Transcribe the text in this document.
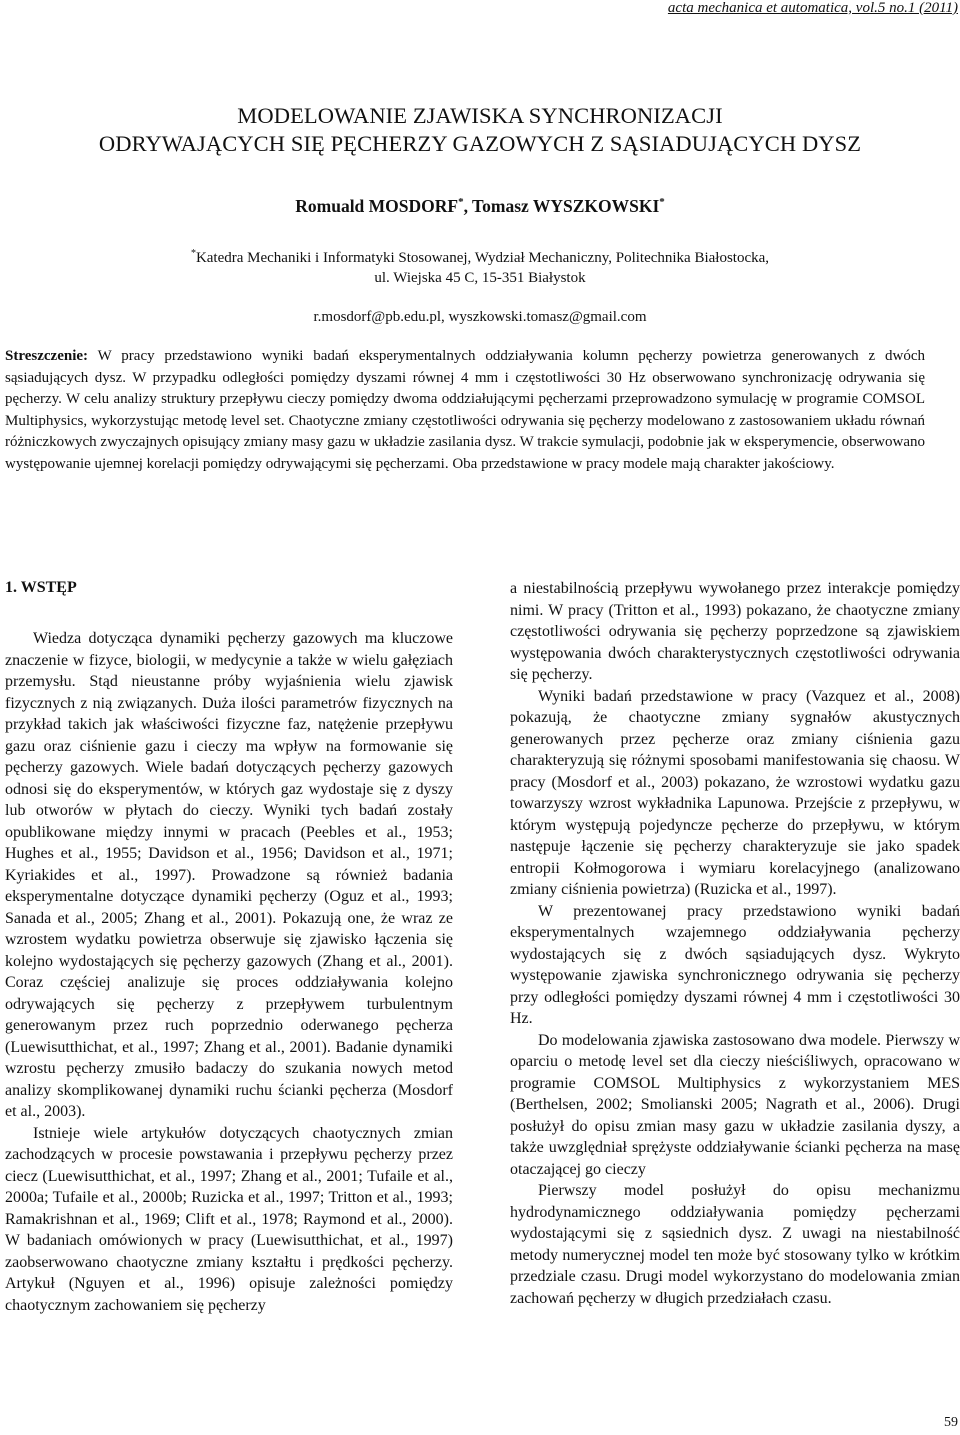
acta mechanica et automatica, vol.5 no.1 (2011)
MODELOWANIE ZJAWISKA SYNCHRONIZACJI
ODRYWAJĄCYCH SIĘ PĘCHERZY GAZOWYCH Z SĄSIADUJĄCYCH DYSZ
Romuald MOSDORF*, Tomasz WYSZKOWSKI*
*Katedra Mechaniki i Informatyki Stosowanej, Wydział Mechaniczny, Politechnika Białostocka,
ul. Wiejska 45 C, 15-351 Białystok
r.mosdorf@pb.edu.pl, wyszkowski.tomasz@gmail.com
Streszczenie: W pracy przedstawiono wyniki badań eksperymentalnych oddziaływania kolumn pęcherzy powietrza generowanych z dwóch sąsiadujących dysz. W przypadku odległości pomiędzy dyszami równej 4 mm i częstotliwości 30 Hz obserwowano synchronizację odrywania się pęcherzy. W celu analizy struktury przepływu cieczy pomiędzy dwoma oddziałującymi pęcherzami przeprowadzono symulację w programie COMSOL Multiphysics, wykorzystując metodę level set. Chaotyczne zmiany częstotliwości odrywania się pęcherzy modelowano z zastosowaniem układu równań różniczkowych zwyczajnych opisujący zmiany masy gazu w układzie zasilania dysz. W trakcie symulacji, podobnie jak w eksperymencie, obserwowano występowanie ujemnej korelacji pomiędzy odrywającymi się pęcherzami. Oba przedstawione w pracy modele mają charakter jakościowy.
1. WSTĘP

Wiedza dotycząca dynamiki pęcherzy gazowych ma kluczowe znaczenie w fizyce, biologii, w medycynie a także w wielu gałęziach przemysłu. Stąd nieustanne próby wyjaśnienia wielu zjawisk fizycznych z nią związanych. Duża ilości parametrów fizycznych na przykład takich jak właściwości fizyczne faz, natężenie przepływu gazu oraz ciśnienie gazu i cieczy ma wpływ na formowanie się pęcherzy gazowych. Wiele badań dotyczących pęcherzy gazowych odnosi się do eksperymentów, w których gaz wydostaje się z dyszy lub otworów w płytach do cieczy. Wyniki tych badań zostały opublikowane między innymi w pracach (Peebles et al., 1953; Hughes et al., 1955; Davidson et al., 1956; Davidson et al., 1971; Kyriakides et al., 1997). Prowadzone są również badania eksperymentalne dotyczące dynamiki pęcherzy (Oguz et al., 1993; Sanada et al., 2005; Zhang et al., 2001). Pokazują one, że wraz ze wzrostem wydatku powietrza obserwuje się zjawisko łączenia się kolejno wydostających się pęcherzy gazowych (Zhang et al., 2001). Coraz częściej analizuje się proces oddziaływania kolejno odrywających się pęcherzy z przepływem turbulentnym generowanym przez ruch poprzednio oderwanego pęcherza (Luewisutthichat, et al., 1997; Zhang et al., 2001). Badanie dynamiki wzrostu pęcherzy zmusiło badaczy do szukania nowych metod analizy skomplikowanej dynamiki ruchu ścianki pęcherza (Mosdorf et al., 2003).

Istnieje wiele artykułów dotyczących chaotycznych zmian zachodzących w procesie powstawania i przepływu pęcherzy przez ciecz (Luewisutthichat, et al., 1997; Zhang et al., 2001; Tufaile et al., 2000a; Tufaile et al., 2000b; Ruzicka et al., 1997; Tritton et al., 1993; Ramakrishnan et al., 1969; Clift et al., 1978; Raymond et al., 2000). W badaniach omówionych w pracy (Luewisutthichat, et al., 1997) zaobserwowano chaotyczne zmiany kształtu i prędkości pęcherzy. Artykuł (Nguyen et al., 1996) opisuje zależności pomiędzy chaotycznym zachowaniem się pęcherzy

a niestabilnością przepływu wywołanego przez interakcje pomiędzy nimi. W pracy (Tritton et al., 1993) pokazano, że chaotyczne zmiany częstotliwości odrywania się pęcherzy poprzedzone są zjawiskiem występowania dwóch charakterystycznych częstotliwości odrywania się pęcherzy.

Wyniki badań przedstawione w pracy (Vazquez et al., 2008) pokazują, że chaotyczne zmiany sygnałów akustycznych generowanych przez pęcherze oraz zmiany ciśnienia gazu charakteryzują się różnymi sposobami manifestowania się chaosu. W pracy (Mosdorf et al., 2003) pokazano, że wzrostowi wydatku gazu towarzyszy wzrost wykładnika Lapunowa. Przejście z przepływu, w którym występują pojedyncze pęcherze do przepływu, w którym następuje łączenie się pęcherzy charakteryzuje sie jako spadek entropii Kołmogorowa i wymiaru korelacyjnego (analizowano zmiany ciśnienia powietrza) (Ruzicka et al., 1997).

W prezentowanej pracy przedstawiono wyniki badań eksperymentalnych wzajemnego oddziaływania pęcherzy wydostających się z dwóch sąsiadujących dysz. Wykryto występowanie zjawiska synchronicznego odrywania się pęcherzy przy odległości pomiędzy dyszami równej 4 mm i częstotliwości 30 Hz.

Do modelowania zjawiska zastosowano dwa modele. Pierwszy w oparciu o metodę level set dla cieczy nieściśliwych, opracowano w programie COMSOL Multiphysics z wykorzystaniem MES (Berthelsen, 2002; Smolianski 2005; Nagrath et al., 2006). Drugi posłużył do opisu zmian masy gazu w układzie zasilania dyszy, a także uwzględniał sprężyste oddziaływanie ścianki pęcherza na masę otaczającej go cieczy

Pierwszy model posłużył do opisu mechanizmu hydrodynamicznego oddziaływania pomiędzy pęcherzami wydostającymi się z sąsiednich dysz. Z uwagi na niestabilność metody numerycznej model ten może być stosowany tylko w krótkim przedziale czasu. Drugi model wykorzystano do modelowania zmian zachowań pęcherzy w długich przedziałach czasu.

59
